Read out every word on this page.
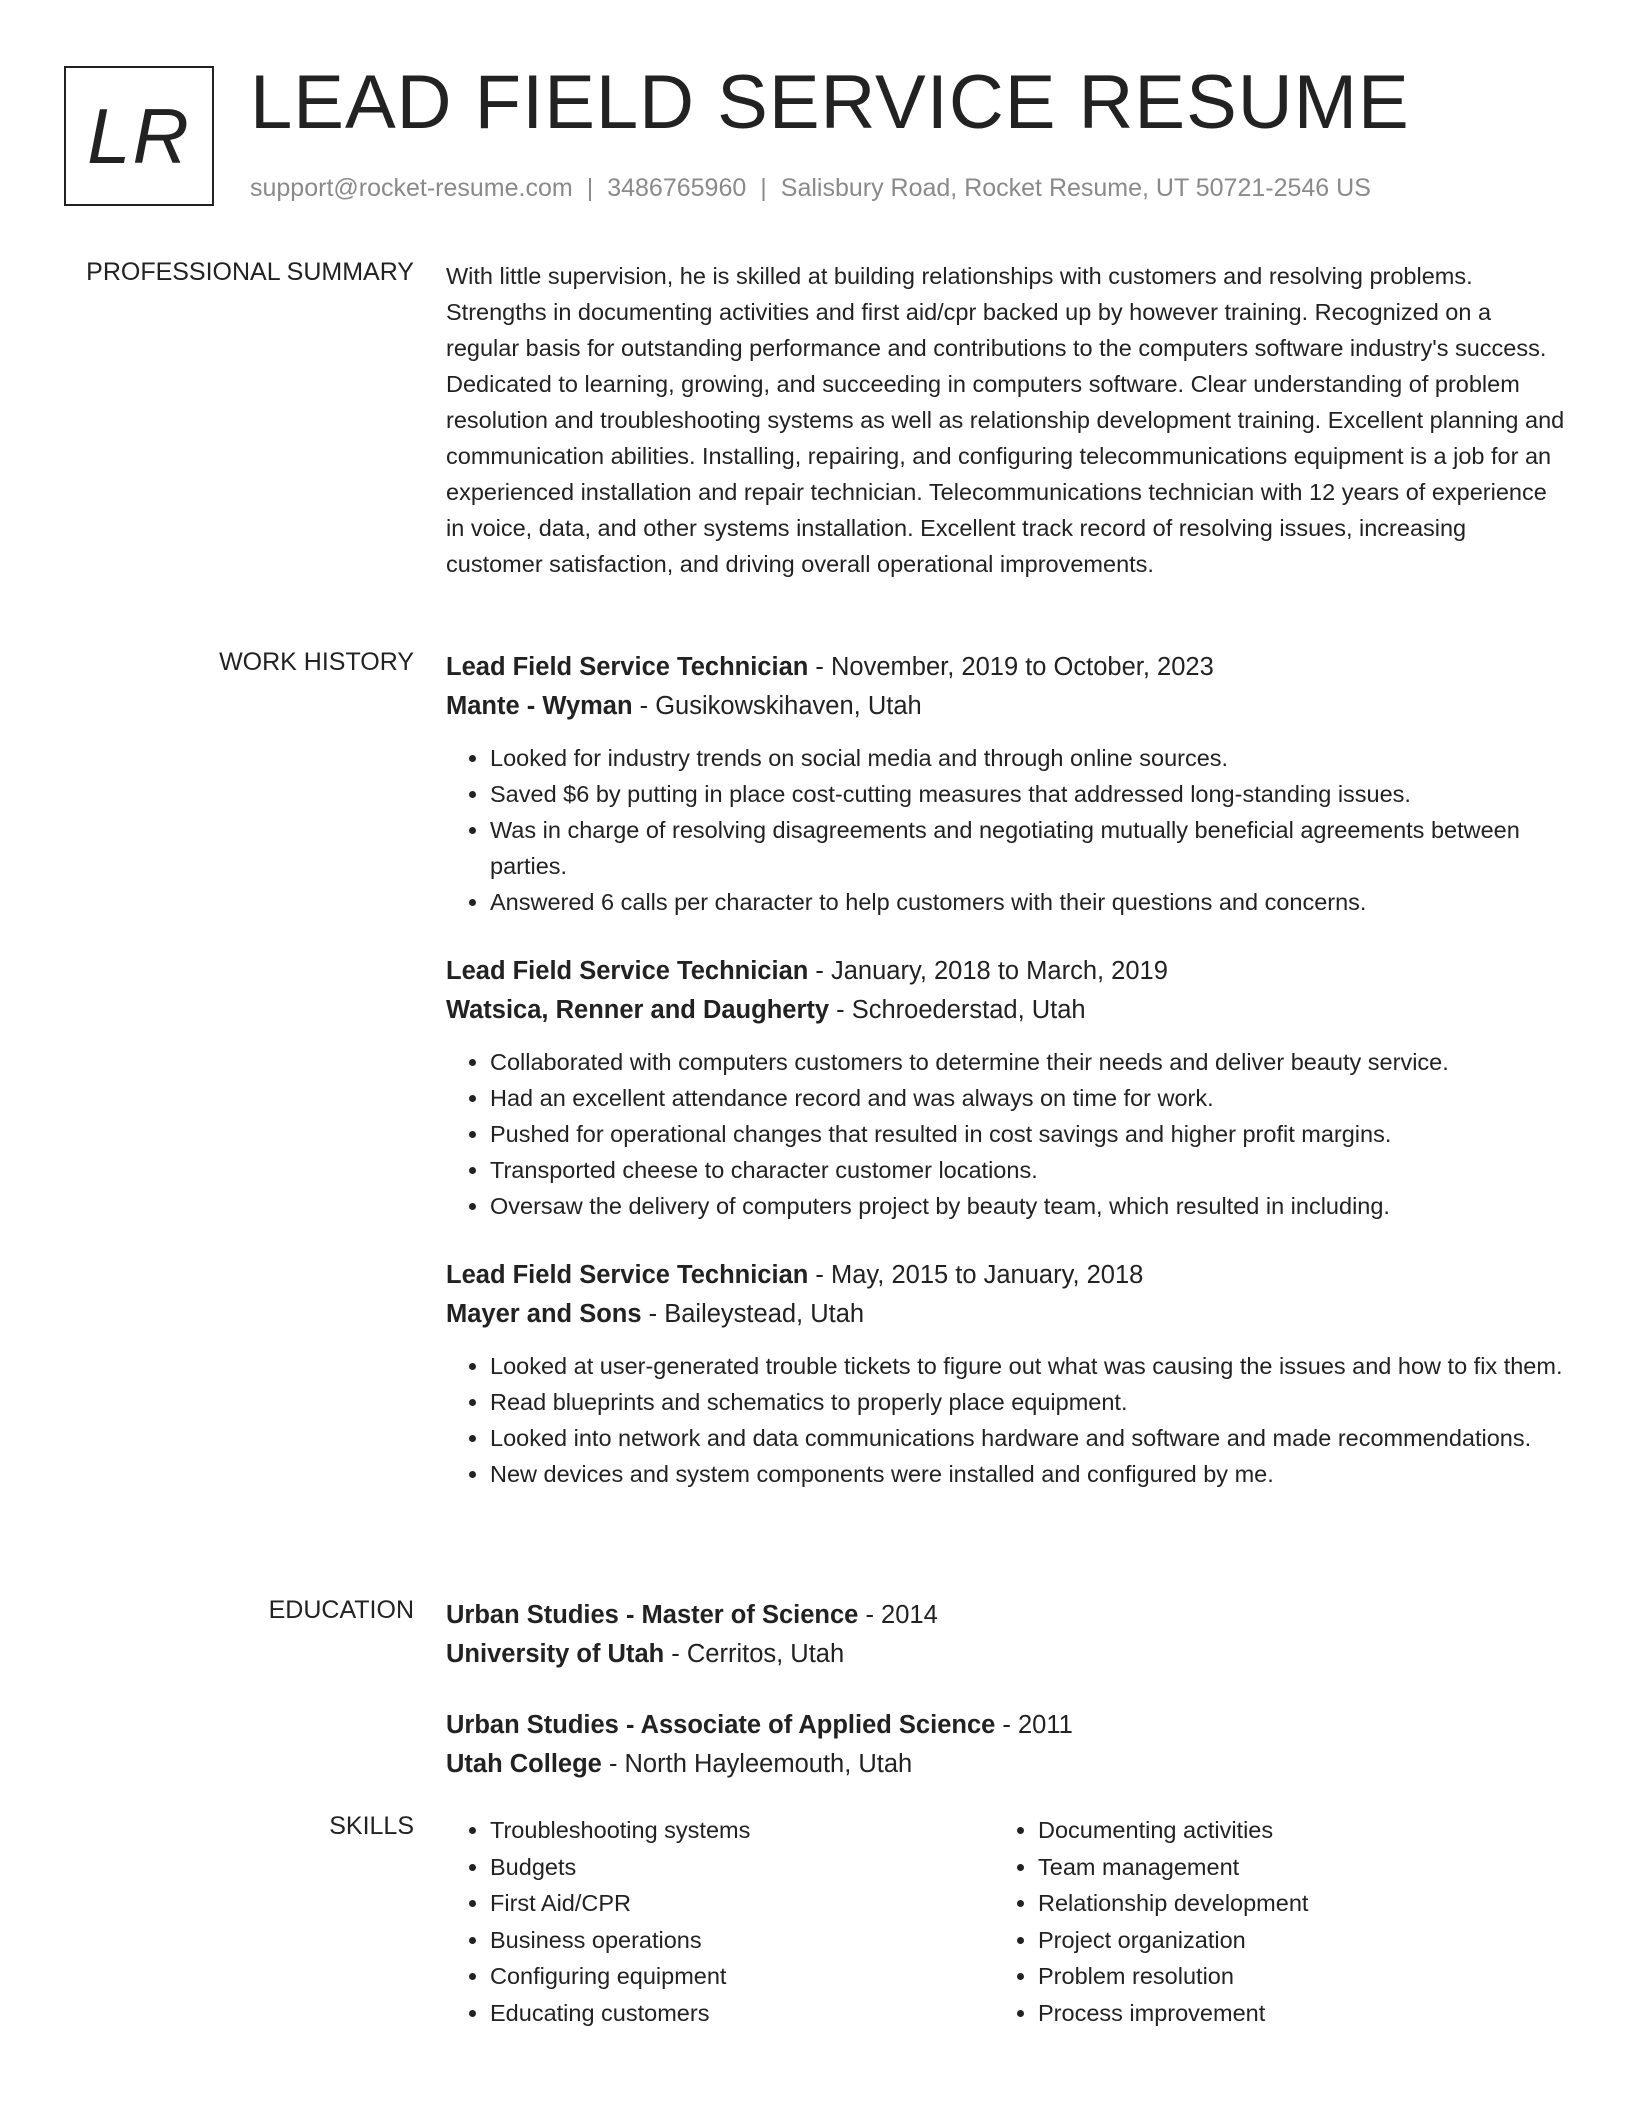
LR LEAD FIELD SERVICE RESUME
support@rocket-resume.com | 3486765960 | Salisbury Road, Rocket Resume, UT 50721-2546 US
PROFESSIONAL SUMMARY With little supervision, he is skilled at building relationships with customers and resolving problems. Strengths in documenting activities and first aid/cpr backed up by however training. Recognized on a regular basis for outstanding performance and contributions to the computers software industry's success. Dedicated to learning, growing, and succeeding in computers software. Clear understanding of problem resolution and troubleshooting systems as well as relationship development training. Excellent planning and communication abilities. Installing, repairing, and configuring telecommunications equipment is a job for an experienced installation and repair technician. Telecommunications technician with 12 years of experience in voice, data, and other systems installation. Excellent track record of resolving issues, increasing customer satisfaction, and driving overall operational improvements.

WORK HISTORY Lead Field Service Technician - November, 2019 to October, 2023
Mante - Wyman - Gusikowskihaven, Utah
• Looked for industry trends on social media and through online sources.
• Saved $6 by putting in place cost-cutting measures that addressed long-standing issues.
• Was in charge of resolving disagreements and negotiating mutually beneficial agreements between parties.
• Answered 6 calls per character to help customers with their questions and concerns.
Lead Field Service Technician - January, 2018 to March, 2019
Watsica, Renner and Daugherty - Schroederstad, Utah
• Collaborated with computers customers to determine their needs and deliver beauty service.
• Had an excellent attendance record and was always on time for work.
• Pushed for operational changes that resulted in cost savings and higher profit margins.
• Transported cheese to character customer locations.
• Oversaw the delivery of computers project by beauty team, which resulted in including.
Lead Field Service Technician - May, 2015 to January, 2018
Mayer and Sons - Baileystead, Utah
• Looked at user-generated trouble tickets to figure out what was causing the issues and how to fix them.
• Read blueprints and schematics to properly place equipment.
• Looked into network and data communications hardware and software and made recommendations.
• New devices and system components were installed and configured by me.
EDUCATION Urban Studies - Master of Science - 2014
University of Utah - Cerritos, Utah
Urban Studies - Associate of Applied Science - 2011
Utah College - North Hayleemouth, Utah
SKILLS
•	Troubleshooting systems
• Budgets
• First Aid/CPR
• Business operations
• Configuring equipment
• Educating customers
• Documenting activities
• Team management
• Relationship development
• Project organization
• Problem resolution
• Process improvement
